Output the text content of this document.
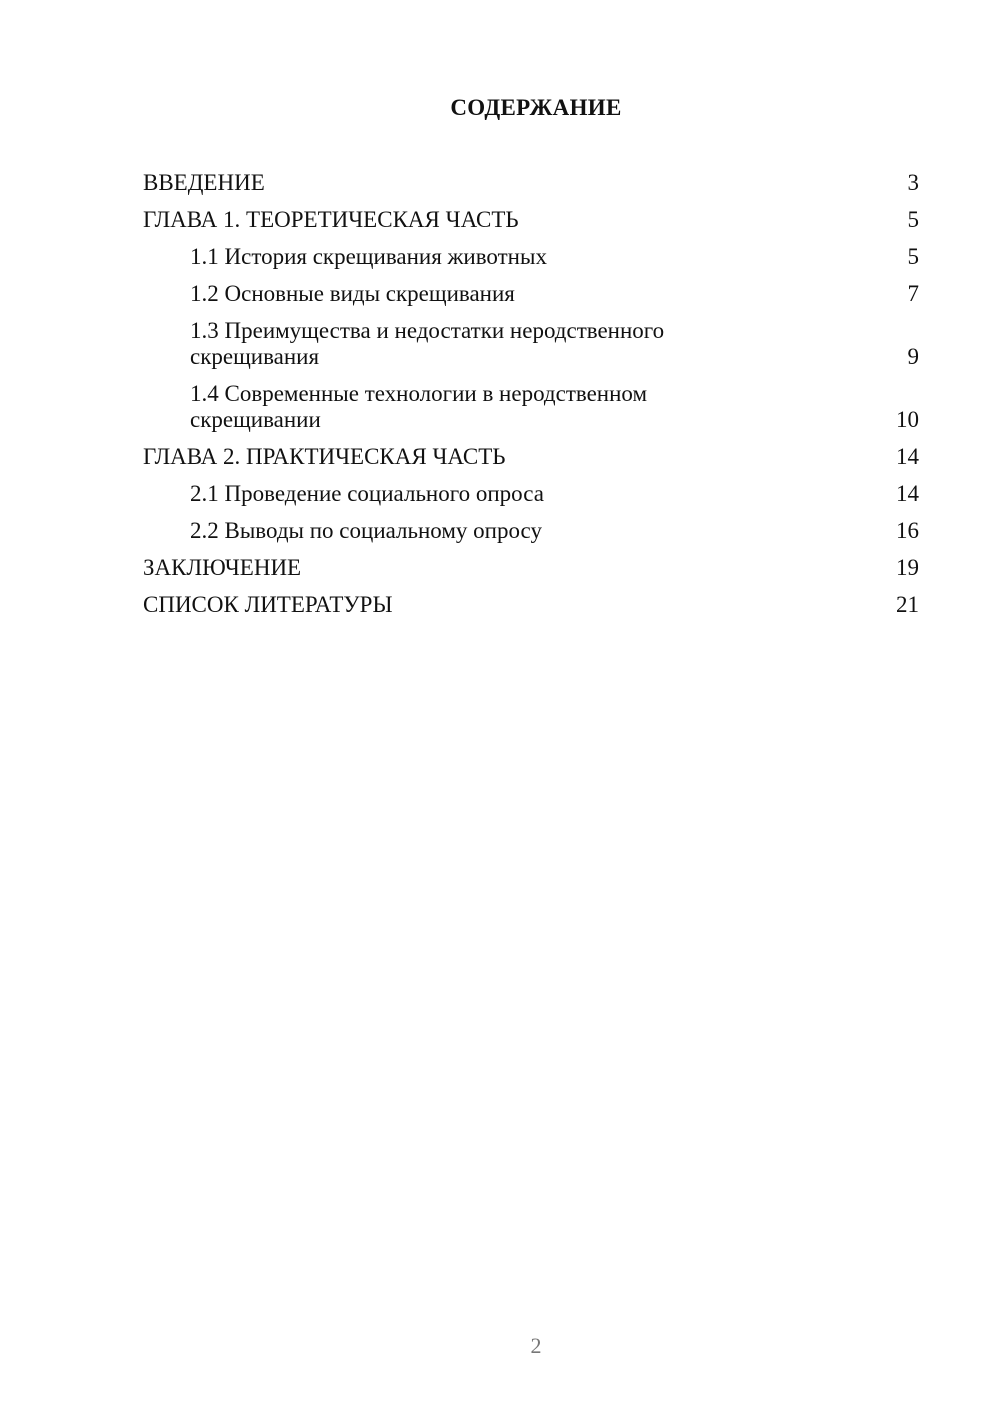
СОДЕРЖАНИЕ
ВВЕДЕНИЕ	3
ГЛАВА 1. ТЕОРЕТИЧЕСКАЯ ЧАСТЬ	5
1.1 История скрещивания животных	5
1.2 Основные виды скрещивания	7
1.3 Преимущества и недостатки неродственного скрещивания	9
1.4 Современные технологии в неродственном скрещивании	10
ГЛАВА 2. ПРАКТИЧЕСКАЯ ЧАСТЬ	14
2.1 Проведение социального опроса	14
2.2 Выводы по социальному опросу	16
ЗАКЛЮЧЕНИЕ	19
СПИСОК ЛИТЕРАТУРЫ	21
2
